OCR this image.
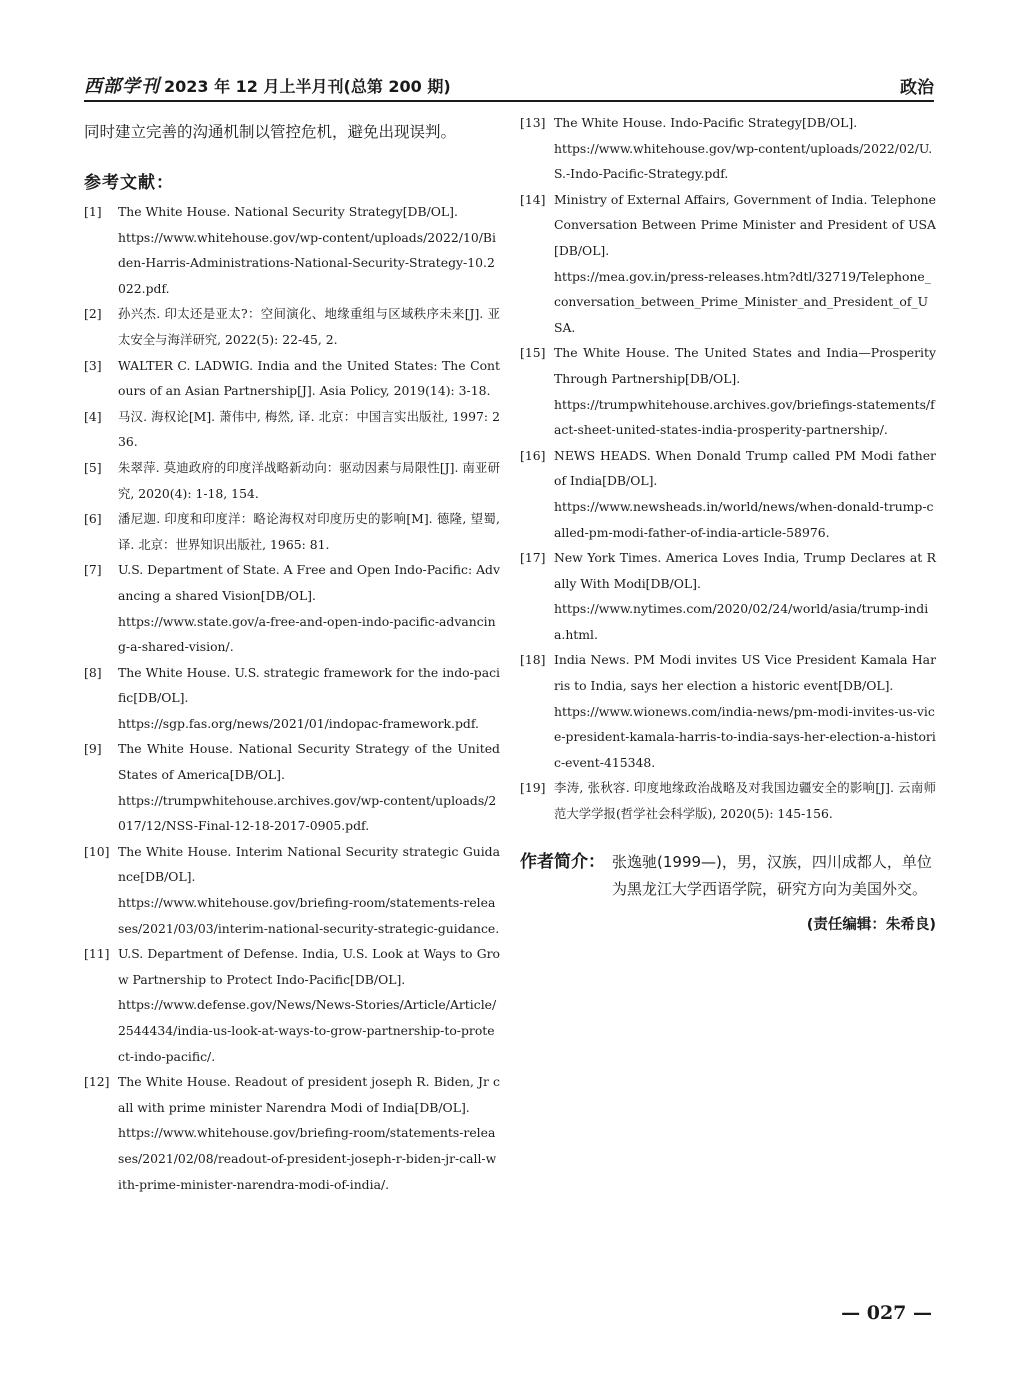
西部学刊 2023 年 12 月上半月刊(总第 200 期)	政治

同时建立完善的沟通机制以管控危机，避免出现误判。

参考文献：

[1] The White House. National Security Strategy[DB/OL].
https://www.whitehouse.gov/wp-content/uploads/2022/10/Biden-Harris-Administrations-National-Security-Strategy-10.2022.pdf.

[2] 孙兴杰. 印太还是亚太?：空间演化、地缘重组与区域秩序未来[J]. 亚太安全与海洋研究, 2022(5): 22-45, 2.

[3] WALTER C. LADWIG. India and the United States: The Contours of an Asian Partnership[J]. Asia Policy, 2019(14): 3-18.

[4] 马汉. 海权论[M]. 萧伟中, 梅然, 译. 北京：中国言实出版社, 1997: 236.

[5] 朱翠萍. 莫迪政府的印度洋战略新动向：驱动因素与局限性[J]. 南亚研究, 2020(4): 1-18, 154.

[6] 潘尼迦. 印度和印度洋：略论海权对印度历史的影响[M]. 德隆, 望蜀, 译. 北京：世界知识出版社, 1965: 81.

[7] U.S. Department of State. A Free and Open Indo-Pacific: Advancing a shared Vision[DB/OL].
https://www.state.gov/a-free-and-open-indo-pacific-advancing-a-shared-vision/.

[8] The White House. U.S. strategic framework for the indo-pacific[DB/OL].
https://sgp.fas.org/news/2021/01/indopac-framework.pdf.

[9] The White House. National Security Strategy of the United States of America[DB/OL].
https://trumpwhitehouse.archives.gov/wp-content/uploads/2017/12/NSS-Final-12-18-2017-0905.pdf.

[10] The White House. Interim National Security strategic Guidance[DB/OL].
https://www.whitehouse.gov/briefing-room/statements-releases/2021/03/03/interim-national-security-strategic-guidance.

[11] U.S. Department of Defense. India, U.S. Look at Ways to Grow Partnership to Protect Indo-Pacific[DB/OL].
https://www.defense.gov/News/News-Stories/Article/Article/2544434/india-us-look-at-ways-to-grow-partnership-to-protect-indo-pacific/.

[12] The White House. Readout of president joseph R. Biden, Jr call with prime minister Narendra Modi of India[DB/OL].
https://www.whitehouse.gov/briefing-room/statements-releases/2021/02/08/readout-of-president-joseph-r-biden-jr-call-with-prime-minister-narendra-modi-of-india/.

[13] The White House. Indo-Pacific Strategy[DB/OL].
https://www.whitehouse.gov/wp-content/uploads/2022/02/U.S.-Indo-Pacific-Strategy.pdf.

[14] Ministry of External Affairs, Government of India. Telephone Conversation Between Prime Minister and President of USA[DB/OL].
https://mea.gov.in/press-releases.htm?dtl/32719/Telephone_conversation_between_Prime_Minister_and_President_of_USA.

[15] The White House. The United States and India—Prosperity Through Partnership[DB/OL].
https://trumpwhitehouse.archives.gov/briefings-statements/fact-sheet-united-states-india-prosperity-partnership/.

[16] NEWS HEADS. When Donald Trump called PM Modi father of India[DB/OL].
https://www.newsheads.in/world/news/when-donald-trump-called-pm-modi-father-of-india-article-58976.

[17] New York Times. America Loves India, Trump Declares at Rally With Modi[DB/OL].
https://www.nytimes.com/2020/02/24/world/asia/trump-india.html.

[18] India News. PM Modi invites US Vice President Kamala Harris to India, says her election a historic event[DB/OL].
https://www.wionews.com/india-news/pm-modi-invites-us-vice-president-kamala-harris-to-india-says-her-election-a-historic-event-415348.

[19] 李涛, 张秋容. 印度地缘政治战略及对我国边疆安全的影响[J]. 云南师范大学学报(哲学社会科学版), 2020(5): 145-156.

作者简介： 张逸驰(1999—)，男，汉族，四川成都人，单位为黑龙江大学西语学院，研究方向为美国外交。
(责任编辑：朱希良)
— 027 —
